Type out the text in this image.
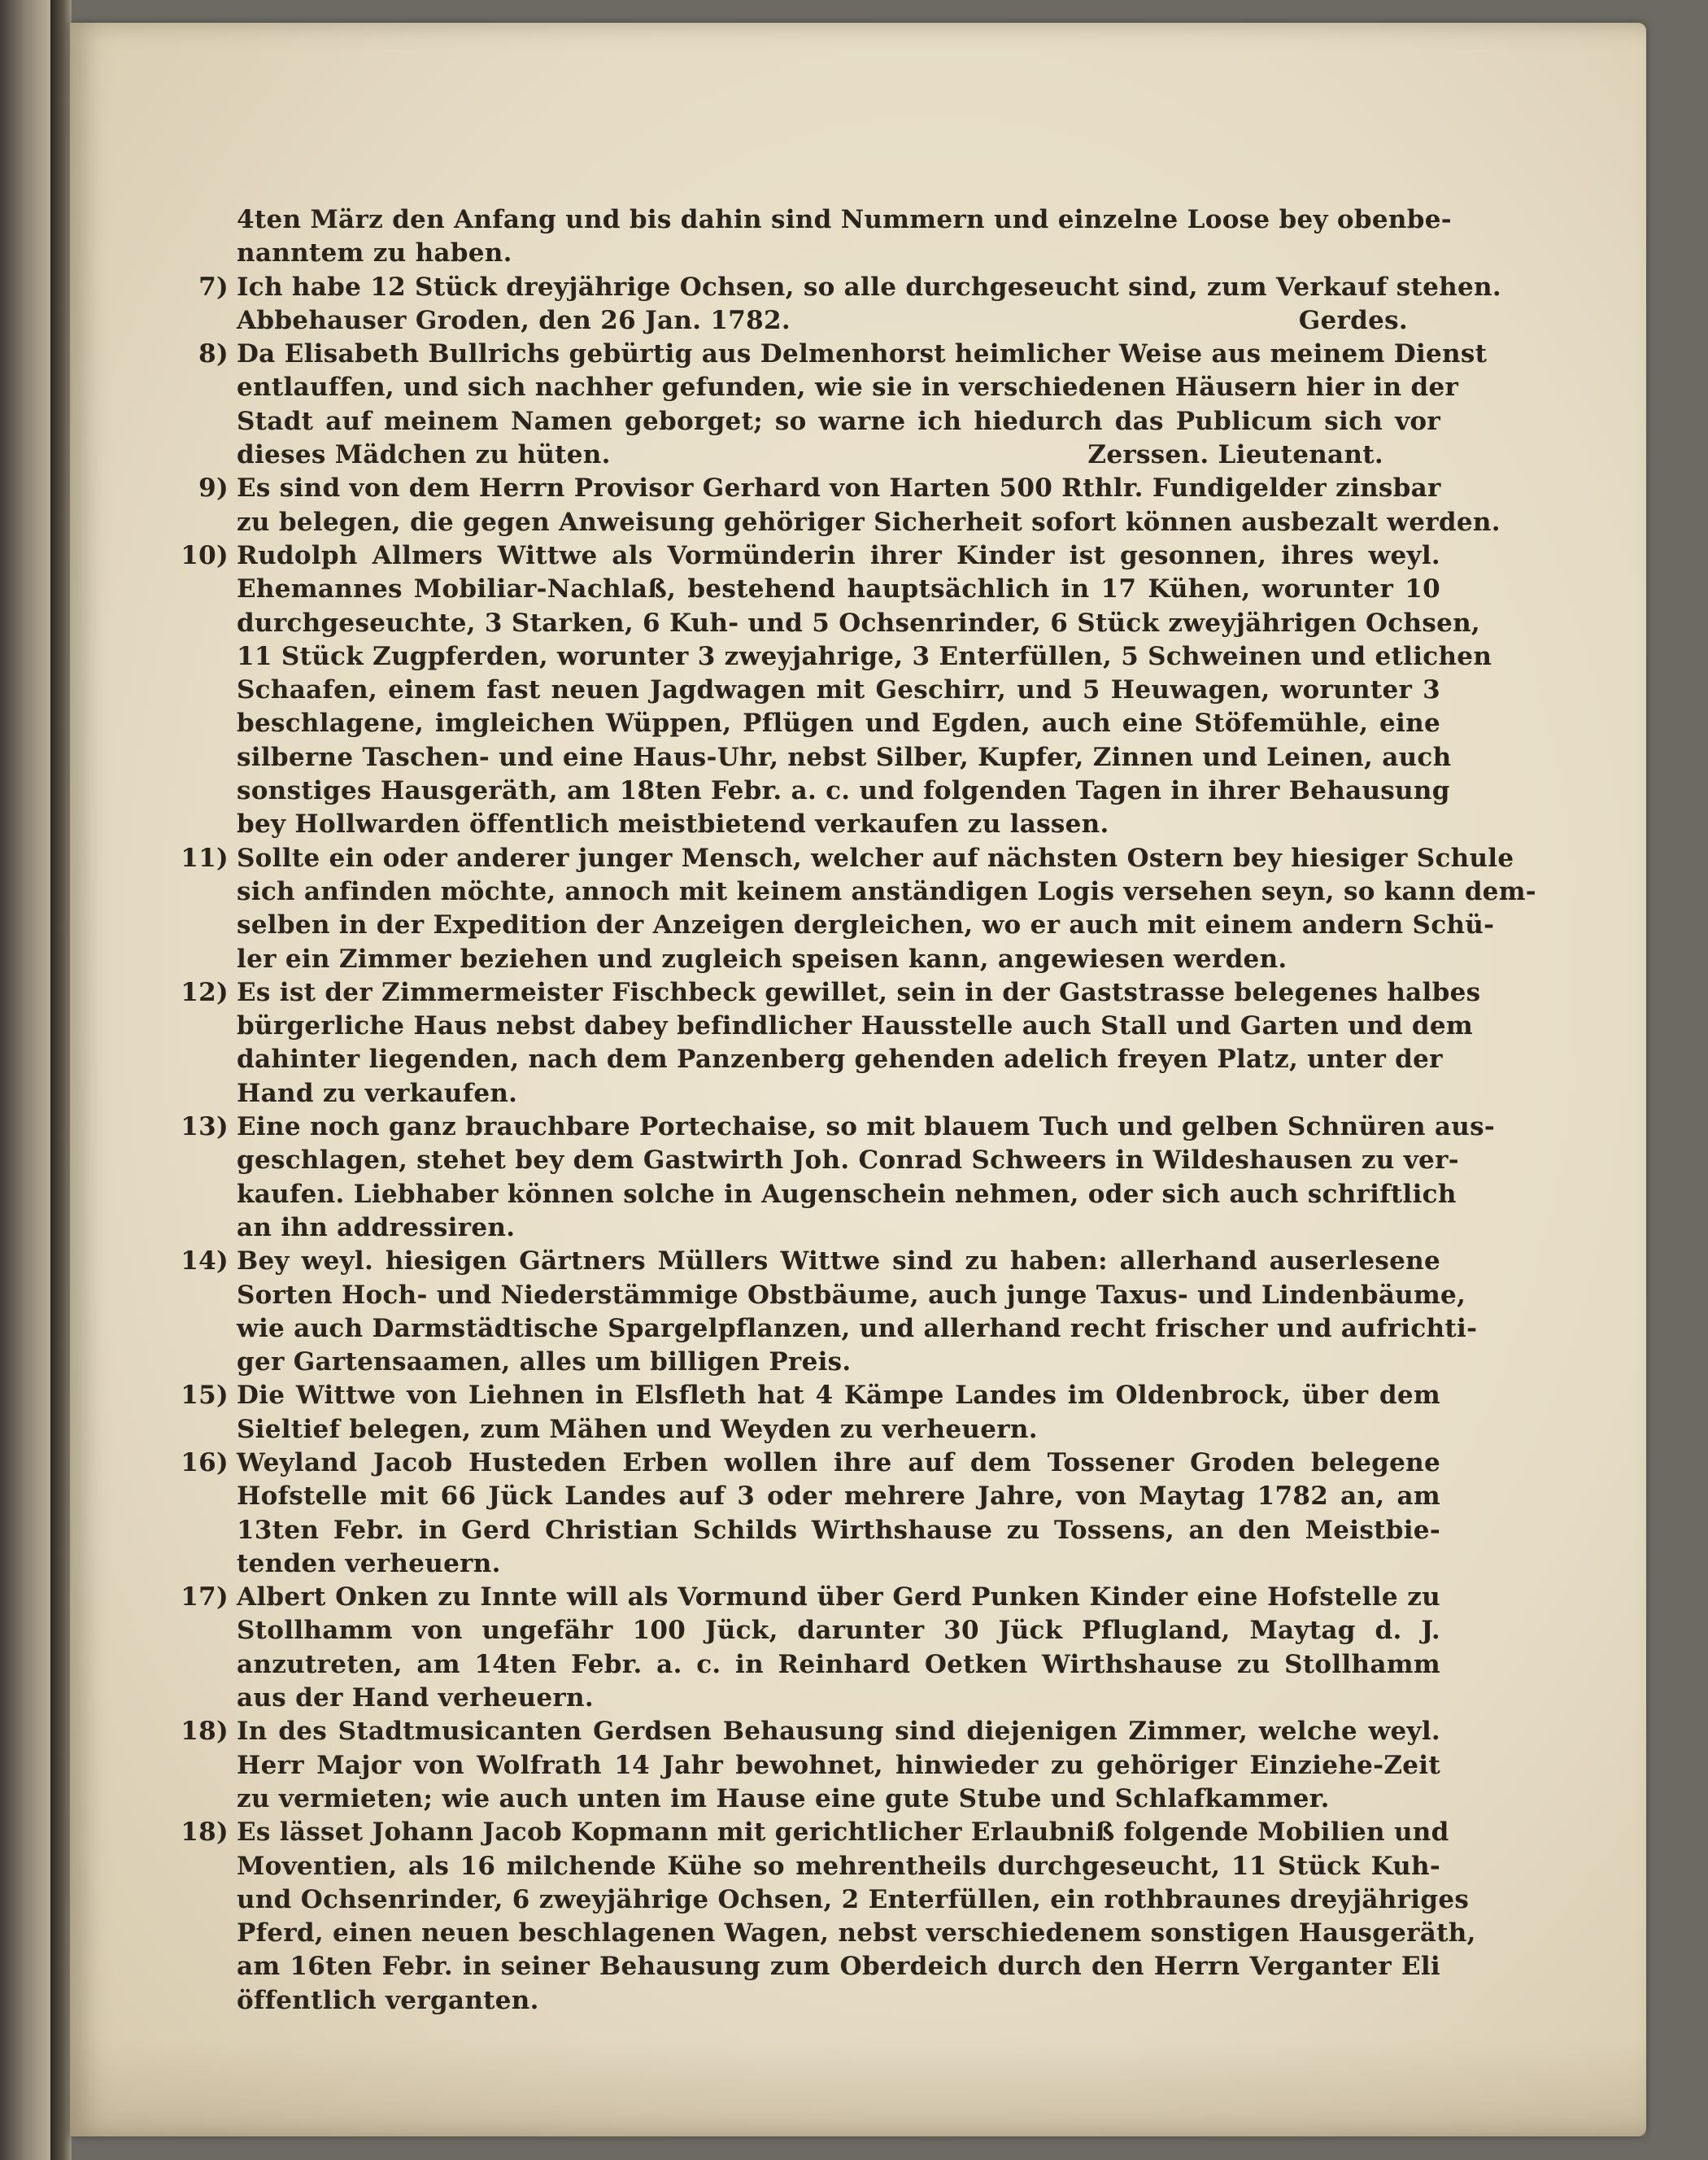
4ten März den Anfang und bis dahin sind Nummern und einzelne Loose bey obenbe-
nanntem zu haben.
7) Ich habe 12 Stück dreyjährige Ochsen, so alle durchgeseucht sind, zum Verkauf stehen.
Abbehauser Groden, den 26 Jan. 1782.	Gerdes.
8) Da Elisabeth Bullrichs gebürtig aus Delmenhorst heimlicher Weise aus meinem Dienst
entlauffen, und sich nachher gefunden, wie sie in verschiedenen Häusern hier in der
Stadt auf meinem Namen geborget; so warne ich hiedurch das Publicum sich vor
dieses Mädchen zu hüten.	Zerssen. Lieutenant.
9) Es sind von dem Herrn Provisor Gerhard von Harten 500 Rthlr. Fundigelder zinsbar
zu belegen, die gegen Anweisung gehöriger Sicherheit sofort können ausbezalt werden.
10) Rudolph Allmers Wittwe als Vormünderin ihrer Kinder ist gesonnen, ihres weyl.
Ehemannes Mobiliar-Nachlaß, bestehend hauptsächlich in 17 Kühen, worunter 10
durchgeseuchte, 3 Starken, 6 Kuh- und 5 Ochsenrinder, 6 Stück zweyjährigen Ochsen,
11 Stück Zugpferden, worunter 3 zweyjahrige, 3 Enterfüllen, 5 Schweinen und etlichen
Schaafen, einem fast neuen Jagdwagen mit Geschirr, und 5 Heuwagen, worunter 3
beschlagene, imgleichen Wüppen, Pflügen und Egden, auch eine Stöfemühle, eine
silberne Taschen- und eine Haus-Uhr, nebst Silber, Kupfer, Zinnen und Leinen, auch
sonstiges Hausgeräth, am 18ten Febr. a. c. und folgenden Tagen in ihrer Behausung
bey Hollwarden öffentlich meistbietend verkaufen zu lassen.
11) Sollte ein oder anderer junger Mensch, welcher auf nächsten Ostern bey hiesiger Schule
sich anfinden möchte, annoch mit keinem anständigen Logis versehen seyn, so kann dem-
selben in der Expedition der Anzeigen dergleichen, wo er auch mit einem andern Schü-
ler ein Zimmer beziehen und zugleich speisen kann, angewiesen werden.
12) Es ist der Zimmermeister Fischbeck gewillet, sein in der Gaststrasse belegenes halbes
bürgerliche Haus nebst dabey befindlicher Hausstelle auch Stall und Garten und dem
dahinter liegenden, nach dem Panzenberg gehenden adelich freyen Platz, unter der
Hand zu verkaufen.
13) Eine noch ganz brauchbare Portechaise, so mit blauem Tuch und gelben Schnüren aus-
geschlagen, stehet bey dem Gastwirth Joh. Conrad Schweers in Wildeshausen zu ver-
kaufen. Liebhaber können solche in Augenschein nehmen, oder sich auch schriftlich
an ihn addressiren.
14) Bey weyl. hiesigen Gärtners Müllers Wittwe sind zu haben: allerhand auserlesene
Sorten Hoch- und Niederstämmige Obstbäume, auch junge Taxus- und Lindenbäume,
wie auch Darmstädtische Spargelpflanzen, und allerhand recht frischer und aufrichti-
ger Gartensaamen, alles um billigen Preis.
15) Die Wittwe von Liehnen in Elsfleth hat 4 Kämpe Landes im Oldenbrock, über dem
Sieltief belegen, zum Mähen und Weyden zu verheuern.
16) Weyland Jacob Husteden Erben wollen ihre auf dem Tossener Groden belegene
Hofstelle mit 66 Jück Landes auf 3 oder mehrere Jahre, von Maytag 1782 an, am
13ten Febr. in Gerd Christian Schilds Wirthshause zu Tossens, an den Meistbie-
tenden verheuern.
17) Albert Onken zu Innte will als Vormund über Gerd Punken Kinder eine Hofstelle zu
Stollhamm von ungefähr 100 Jück, darunter 30 Jück Pflugland, Maytag d. J.
anzutreten, am 14ten Febr. a. c. in Reinhard Oetken Wirthshause zu Stollhamm
aus der Hand verheuern.
18) In des Stadtmusicanten Gerdsen Behausung sind diejenigen Zimmer, welche weyl.
Herr Major von Wolfrath 14 Jahr bewohnet, hinwieder zu gehöriger Einziehe-Zeit
zu vermieten; wie auch unten im Hause eine gute Stube und Schlafkammer.
18) Es lässet Johann Jacob Kopmann mit gerichtlicher Erlaubniß folgende Mobilien und
Moventien, als 16 milchende Kühe so mehrentheils durchgeseucht, 11 Stück Kuh-
und Ochsenrinder, 6 zweyjährige Ochsen, 2 Enterfüllen, ein rothbraunes dreyjähriges
Pferd, einen neuen beschlagenen Wagen, nebst verschiedenem sonstigen Hausgeräth,
am 16ten Febr. in seiner Behausung zum Oberdeich durch den Herrn Verganter Eli
öffentlich verganten.
